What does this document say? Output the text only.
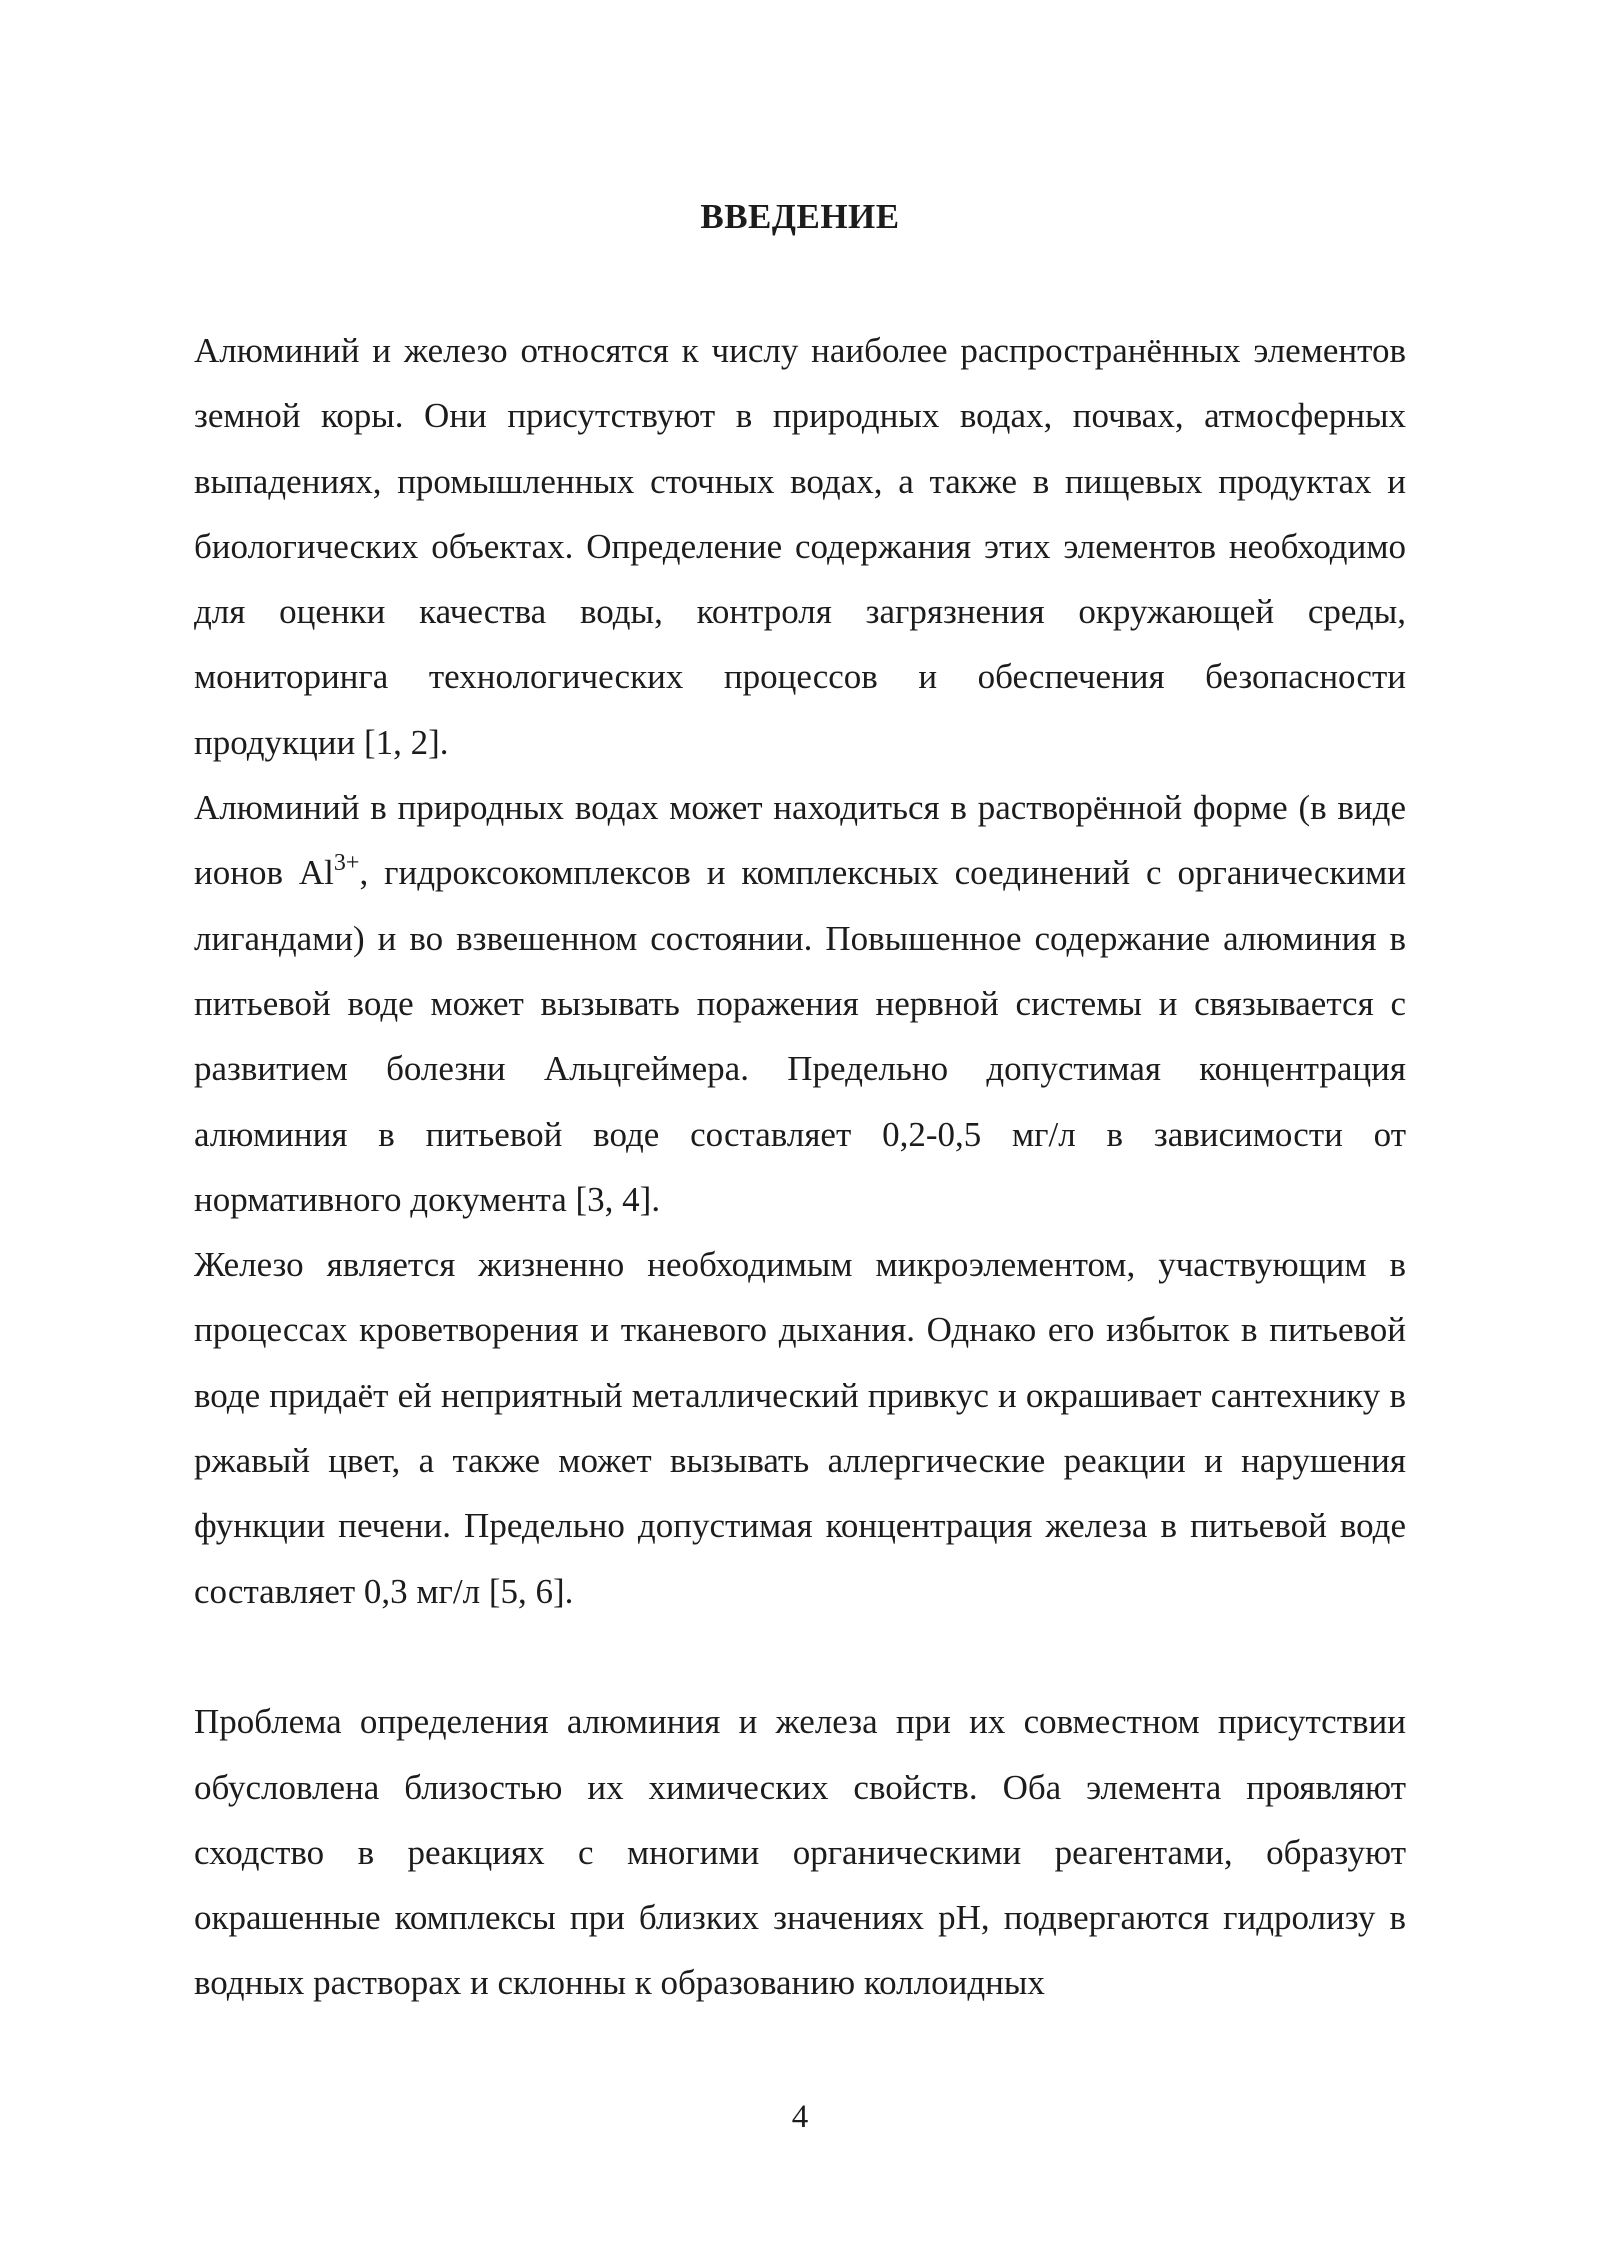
ВВЕДЕНИЕ

Алюминий и железо относятся к числу наиболее распространённых элементов земной коры. Они присутствуют в природных водах, почвах, атмосферных выпадениях, промышленных сточных водах, а также в пищевых продуктах и биологических объектах. Определение содержания этих элементов необходимо для оценки качества воды, контроля загрязнения окружающей среды, мониторинга технологических процессов и обеспечения безопасности продукции [1, 2].

Алюминий в природных водах может находиться в растворённой форме (в виде ионов $Al^{3+}$, гидроксокомплексов и комплексных соединений с органическими лигандами) и во взвешенном состоянии. Повышенное содержание алюминия в питьевой воде может вызывать поражения нервной системы и связывается с развитием болезни Альцгеймера. Предельно допустимая концентрация алюминия в питьевой воде составляет 0,2-0,5 мг/л в зависимости от нормативного документа [3, 4].

Железо является жизненно необходимым микроэлементом, участвующим в процессах кроветворения и тканевого дыхания. Однако его избыток в питьевой воде придаёт ей неприятный металлический привкус и окрашивает сантехнику в ржавый цвет, а также может вызывать аллергические реакции и нарушения функции печени. Предельно допустимая концентрация железа в питьевой воде составляет 0,3 мг/л [5, 6].

Проблема определения алюминия и железа при их совместном присутствии обусловлена близостью их химических свойств. Оба элемента проявляют сходство в реакциях с многими органическими реагентами, образуют окрашенные комплексы при близких значениях pH, подвергаются гидролизу в водных растворах и склонны к образованию коллоидных

4
